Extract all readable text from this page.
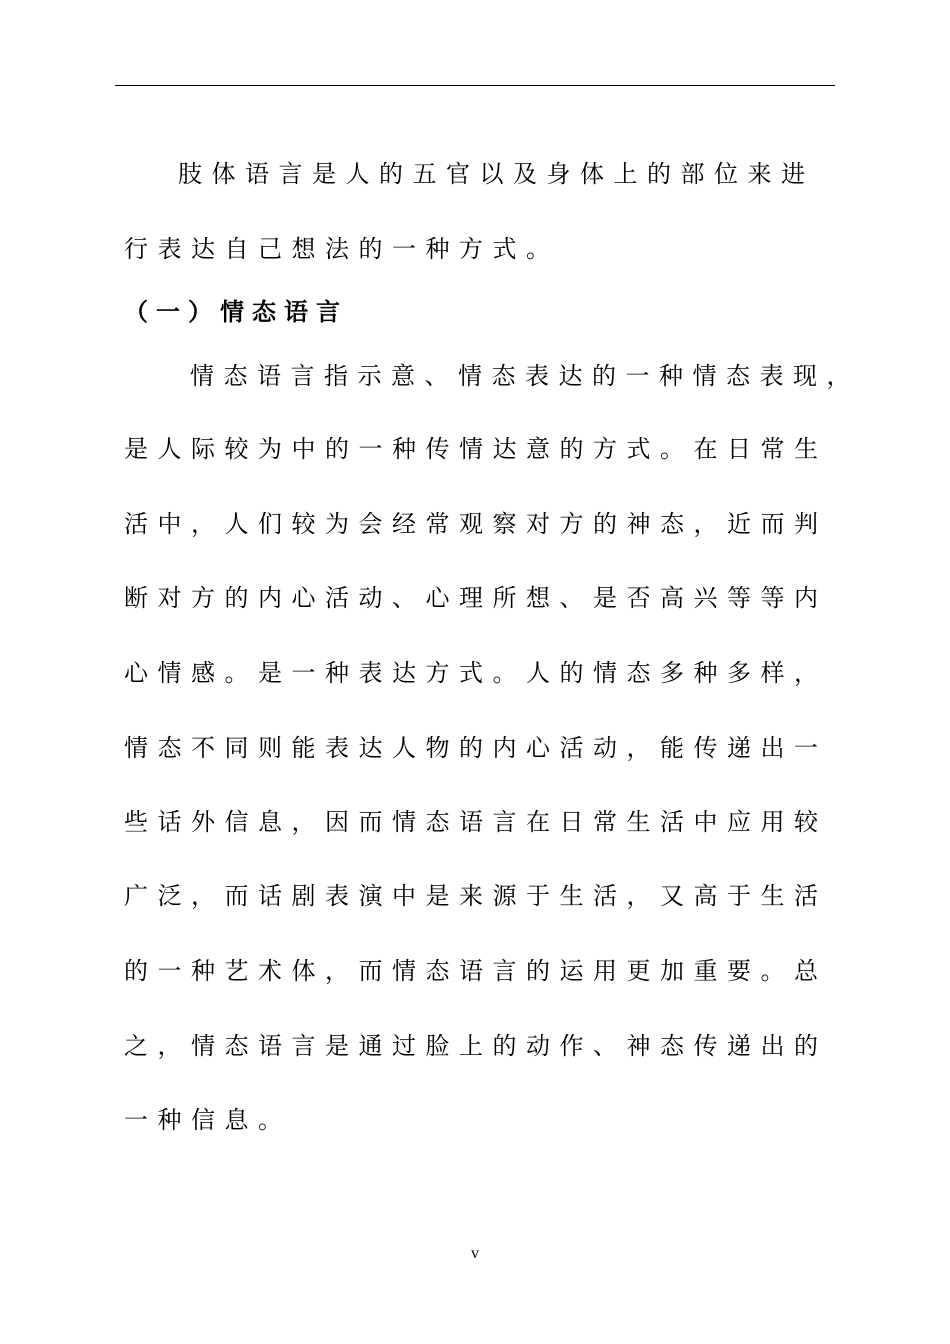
肢体语言是人的五官以及身体上的部位来进
行表达自己想法的一种方式。
（一）情态语言
情态语言指示意、情态表达的一种情态表现，
是人际较为中的一种传情达意的方式。在日常生
活中，人们较为会经常观察对方的神态，近而判
断对方的内心活动、心理所想、是否高兴等等内
心情感。是一种表达方式。人的情态多种多样，
情态不同则能表达人物的内心活动，能传递出一
些话外信息，因而情态语言在日常生活中应用较
广泛，而话剧表演中是来源于生活，又高于生活
的一种艺术体，而情态语言的运用更加重要。总
之，情态语言是通过脸上的动作、神态传递出的
一种信息。
v
